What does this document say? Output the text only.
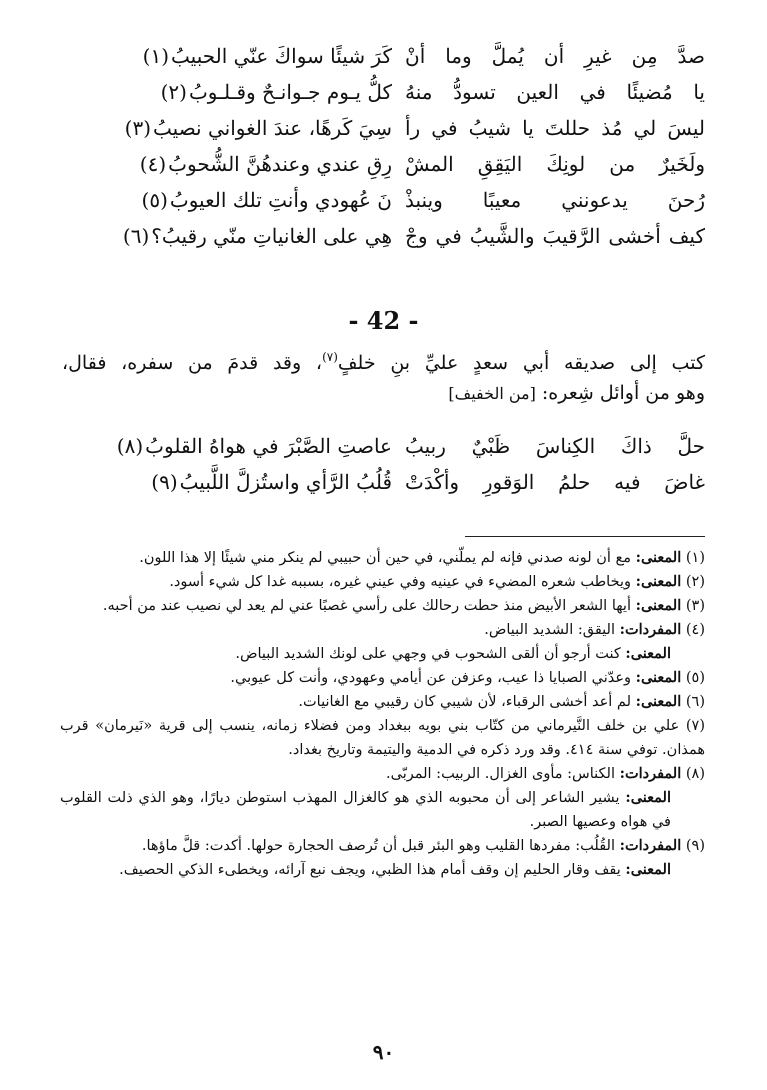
صدَّ مِن غيرِ أن يُملَّ وما أنْ
كَرَ شيئًا سواكَ عنّي الحبيبُ
(١)
يا مُضيئًا في العين تسودُّ منهُ
كلُّ يـوم جـوانـحٌ وقـلـوبُ
(٢)
ليسَ لي مُذ حللتَ يا شيبُ في رأ
سِيَ كَرهًا، عندَ الغواني نصيبُ
(٣)
ولَخَيرٌ من لونِكَ اليَقِقِ المشْ
رِقِ عندي وعندهُنَّ الشُّحوبُ
(٤)
رُحنَ يدعونني معيبًا وينبذْ
نَ عُهودي وأنتِ تلك العيوبُ
(٥)
كيف أخشى الرَّقيبَ والشَّيبُ في وجْ
هِي على الغانياتِ منّي رقيبُ؟
(٦)
- 42 -
كتب إلى صديقه أبي سعدٍ عليِّ بنِ خلفٍ$^{(٧)}$، وقد قدمَ من سفره، فقال،
وهو من أوائل شِعره: [من الخفيف]
حلَّ ذاكَ الكِناسَ ظَبْيٌ ربيبُ
عاصتِ الصَّبْرَ في هواهُ القلوبُ
(٨)
غاضَ فيه حلمُ الوَقورِ وأكْدَتْ
قُلُبُ الرَّأي واستُزلَّ اللَّبيبُ
(٩)

(١) المعنى: مع أن لونه صدني فإنه لم يملّني، في حين أن حبيبي لم ينكر مني شيئًا إلا هذا اللون.

(٢) المعنى: ويخاطب شعره المضيء في عينيه وفي عيني غيره، بسببه غدا كل شيء أسود.

(٣) المعنى: أيها الشعر الأبيض منذ حطت رحالك على رأسي غصبًا عني لم يعد لي نصيب عند من أحبه.

(٤) المفردات: اليقق: الشديد البياض.

المعنى: كنت أرجو أن ألقى الشحوب في وجهي على لونك الشديد البياض.

(٥) المعنى: وعدّني الصبايا ذا عيب، وعزفن عن أيامي وعهودي، وأنت كل عيوبي.

(٦) المعنى: لم أعد أخشى الرقباء، لأن شيبي كان رقيبي مع الغانيات.

(٧) علي بن خلف النَّيرماني من كتّاب بني بويه ببغداد ومن فضلاء زمانه، ينسب إلى قرية «نَيرمان» قرب همذان. توفي سنة ٤١٤. وقد ورد ذكره في الدمية واليتيمة وتاريخ بغداد.

(٨) المفردات: الكناس: مأوى الغزال. الربيب: المربّى.

المعنى: يشير الشاعر إلى أن محبوبه الذي هو كالغزال المهذب استوطن ديارًا، وهو الذي ذلت القلوب في هواه وعصيها الصبر.

(٩) المفردات: القُلُب: مفردها القليب وهو البئر قبل أن تُرصف الحجارة حولها. أكدت: قلَّ ماؤها.

المعنى: يقف وقار الحليم إن وقف أمام هذا الظبي، ويجف نبع آرائه، ويخطىء الذكي الحصيف.

٩٠
